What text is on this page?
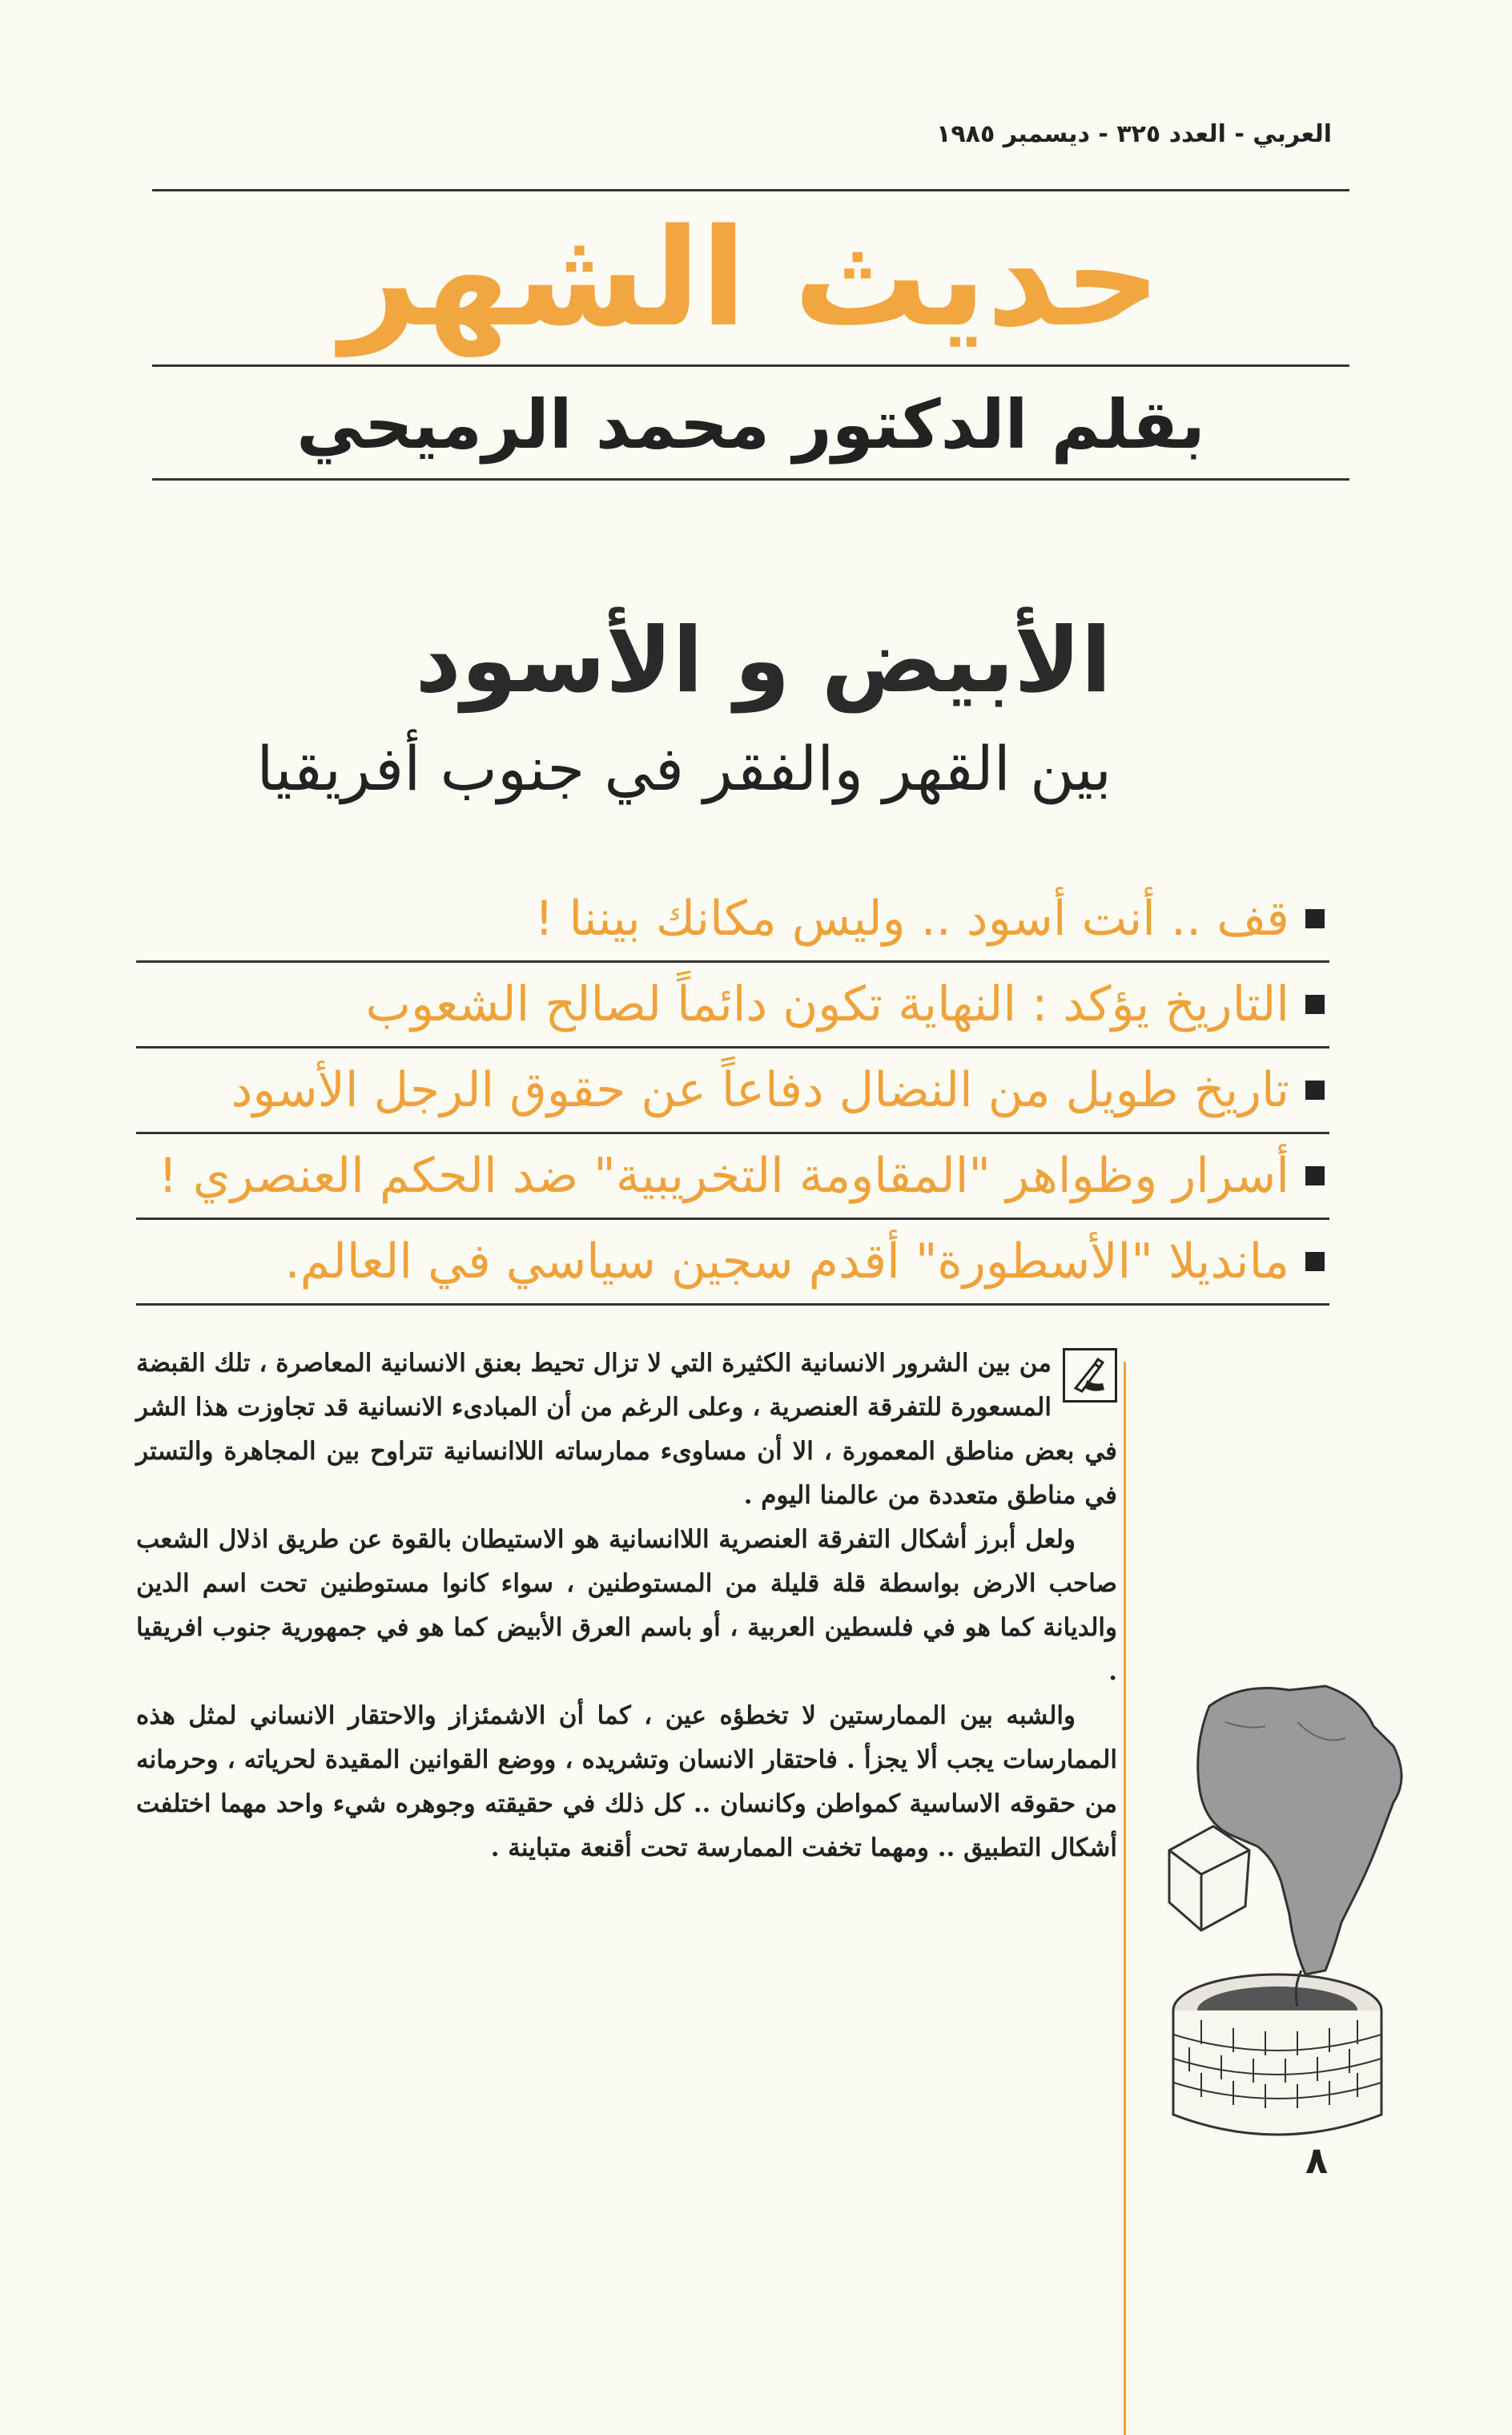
العربي - العدد ٣٢٥ - ديسمبر ١٩٨٥
حديث الشهر
بقلم الدكتور محمد الرميحي
الأبيض و الأسود
بين القهر والفقر في جنوب أفريقيا
قف .. أنت أسود .. وليس مكانك بيننا !
التاريخ يؤكد : النهاية تكون دائماً لصالح الشعوب
تاريخ طويل من النضال دفاعاً عن حقوق الرجل الأسود
أسرار وظواهر "المقاومة التخريبية" ضد الحكم العنصري !
مانديلا "الأسطورة" أقدم سجين سياسي في العالم.

من بين الشرور الانسانية الكثيرة التي لا تزال تحيط بعنق الانسانية المعاصرة ، تلك القبضة المسعورة للتفرقة العنصرية ، وعلى الرغم من أن المبادىء الانسانية قد تجاوزت هذا الشر في بعض مناطق المعمورة ، الا أن مساوىء ممارساته اللاانسانية تتراوح بين المجاهرة والتستر في مناطق متعددة من عالمنا اليوم .

ولعل أبرز أشكال التفرقة العنصرية اللاانسانية هو الاستيطان بالقوة عن طريق اذلال الشعب صاحب الارض بواسطة قلة قليلة من المستوطنين ، سواء كانوا مستوطنين تحت اسم الدين والديانة كما هو في فلسطين العربية ، أو باسم العرق الأبيض كما هو في جمهورية جنوب افريقيا .

والشبه بين الممارستين لا تخطؤه عين ، كما أن الاشمئزاز والاحتقار الانساني لمثل هذه الممارسات يجب ألا يجزأ . فاحتقار الانسان وتشريده ، ووضع القوانين المقيدة لحرياته ، وحرمانه من حقوقه الاساسية كمواطن وكانسان .. كل ذلك في حقيقته وجوهره شيء واحد مهما اختلفت أشكال التطبيق .. ومهما تخفت الممارسة تحت أقنعة متباينة .

٨
